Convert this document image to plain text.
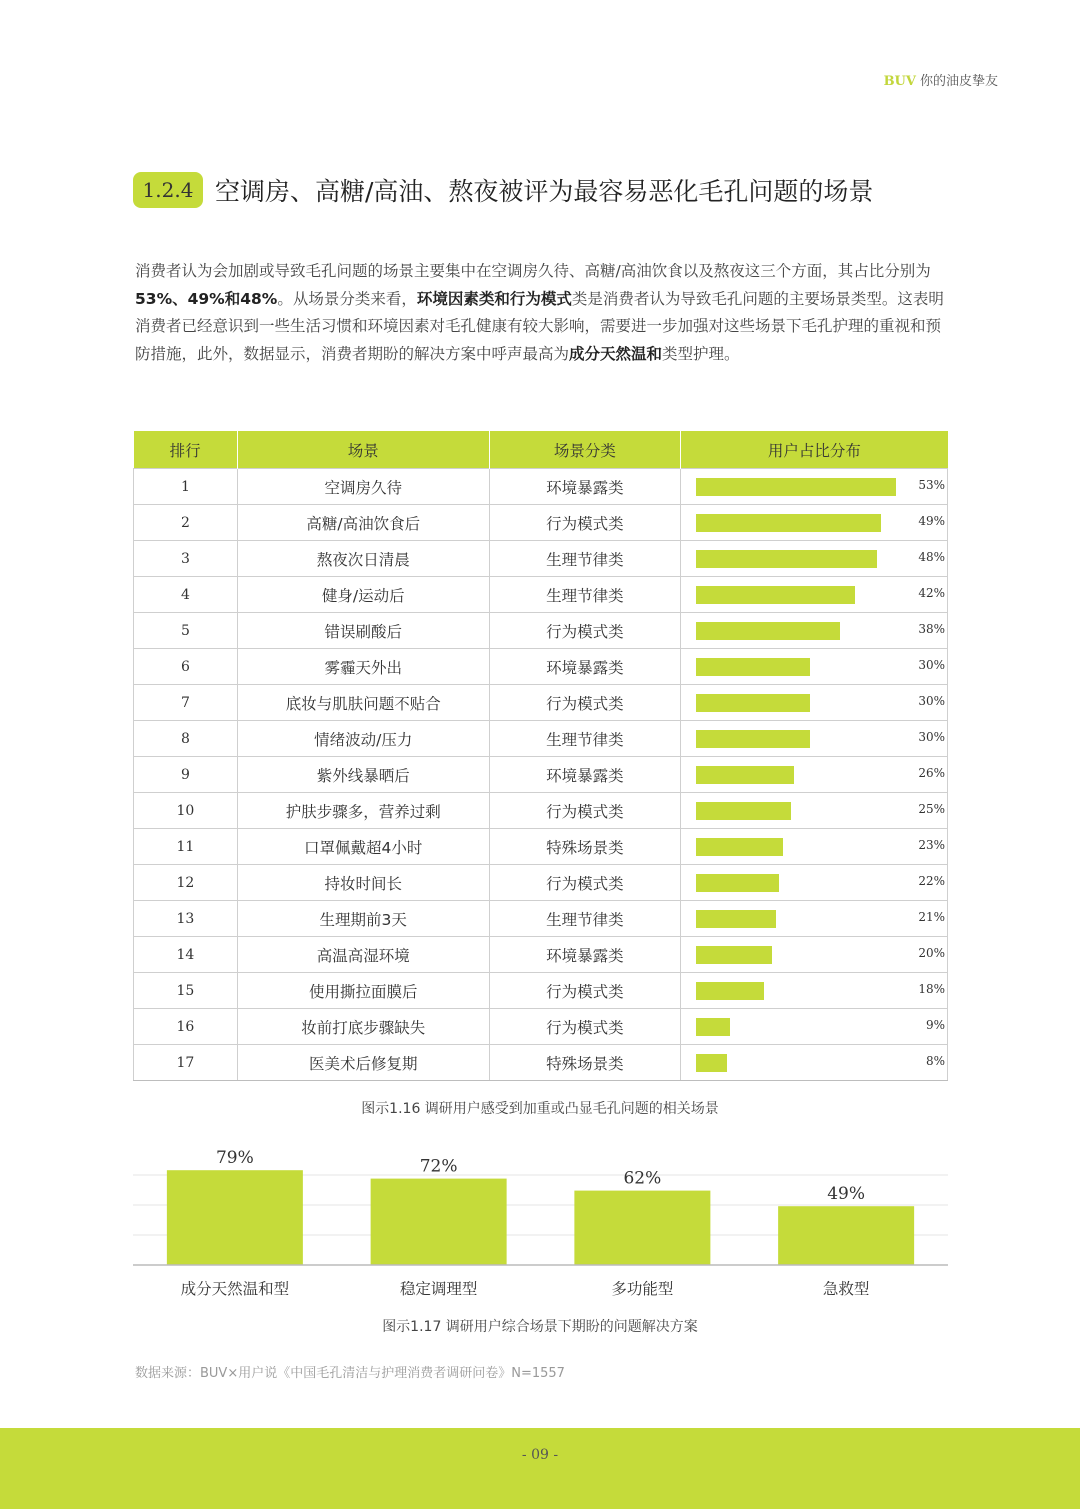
BUV 你的油皮挚友
1.2.4 空调房、高糖/高油、熬夜被评为最容易恶化毛孔问题的场景
消费者认为会加剧或导致毛孔问题的场景主要集中在空调房久待、高糖/高油饮食以及熬夜这三个方面，其占比分别为53%、49%和48%。从场景分类来看，环境因素类和行为模式类是消费者认为导致毛孔问题的主要场景类型。这表明消费者已经意识到一些生活习惯和环境因素对毛孔健康有较大影响，需要进一步加强对这些场景下毛孔护理的重视和预防措施，此外，数据显示，消费者期盼的解决方案中呼声最高为成分天然温和类型护理。
排行	场景	场景分类	用户占比分布
1	空调房久待	环境暴露类	53%

2	高糖/高油饮食后	行为模式类	49%

3	熬夜次日清晨	生理节律类	48%

4	健身/运动后	生理节律类	42%

5	错误刷酸后	行为模式类	38%

6	雾霾天外出	环境暴露类	30%

7	底妆与肌肤问题不贴合	行为模式类	30%

8	情绪波动/压力	生理节律类	30%

9	紫外线暴晒后	环境暴露类	26%

10	护肤步骤多，营养过剩	行为模式类	25%

11	口罩佩戴超4小时	特殊场景类	23%

12	持妆时间长	行为模式类	22%

13	生理期前3天	生理节律类	21%

14	高温高湿环境	环境暴露类	20%

15	使用撕拉面膜后	行为模式类	18%

16	妆前打底步骤缺失	行为模式类	9%

17	医美术后修复期	特殊场景类	8%
图示1.16 调研用户感受到加重或凸显毛孔问题的相关场景
79%
成分天然温和型
72%
稳定调理型
62%
多功能型
49%
急救型
图示1.17 调研用户综合场景下期盼的问题解决方案
数据来源：BUV×用户说《中国毛孔清洁与护理消费者调研问卷》N=1557
- 09 -
